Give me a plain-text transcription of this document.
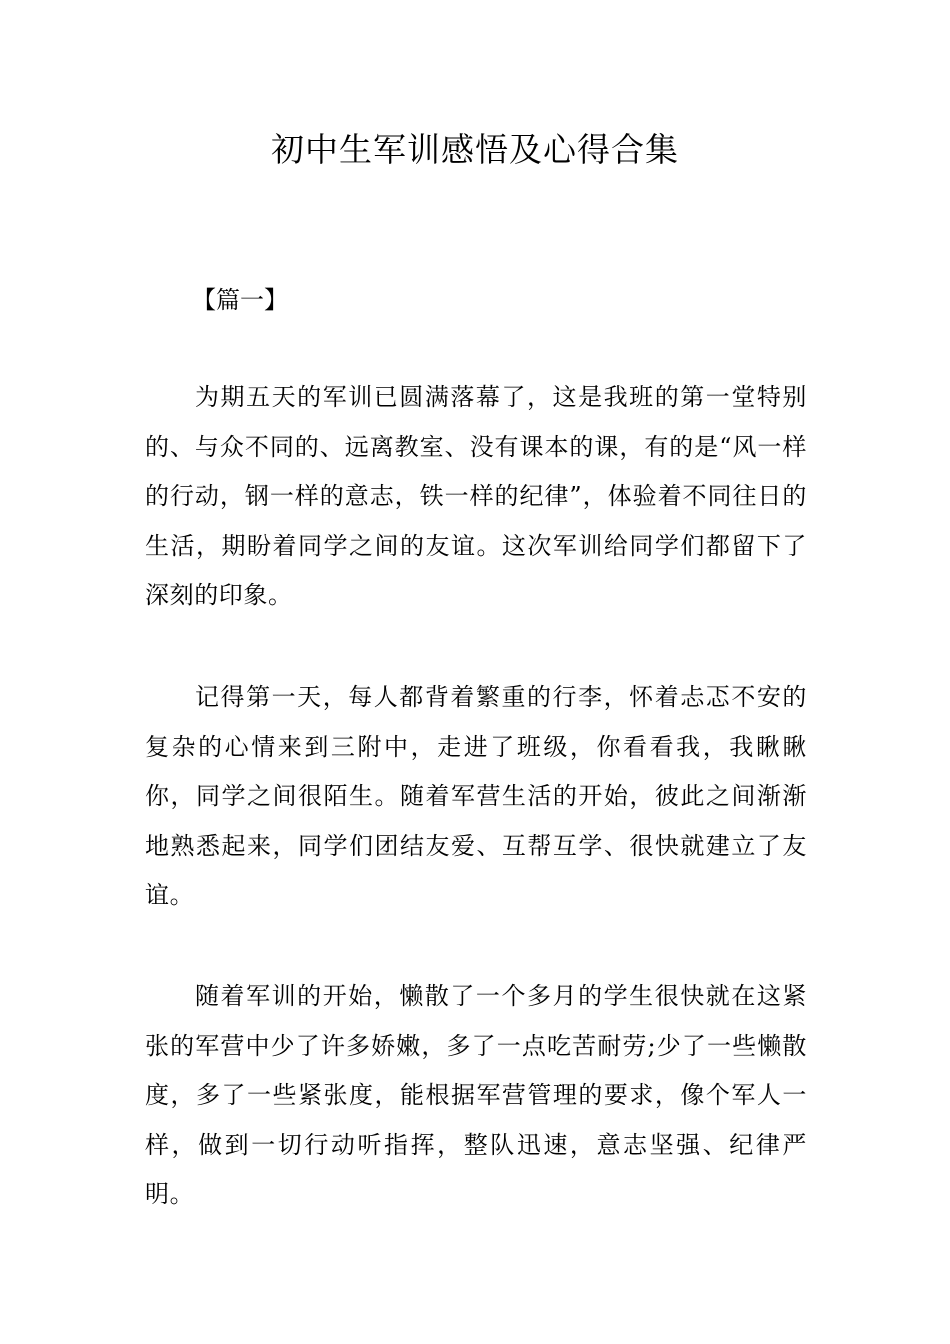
初中生军训感悟及心得合集
【篇一】

为期五天的军训已圆满落幕了，这是我班的第一堂特别的、与众不同的、远离教室、没有课本的课，有的是“风一样的行动，钢一样的意志，铁一样的纪律”，体验着不同往日的生活，期盼着同学之间的友谊。这次军训给同学们都留下了深刻的印象。

记得第一天，每人都背着繁重的行李，怀着忐忑不安的复杂的心情来到三附中，走进了班级，你看看我，我瞅瞅你，同学之间很陌生。随着军营生活的开始，彼此之间渐渐地熟悉起来，同学们团结友爱、互帮互学、很快就建立了友谊。

随着军训的开始，懒散了一个多月的学生很快就在这紧张的军营中少了许多娇嫩，多了一点吃苦耐劳;少了一些懒散度，多了一些紧张度，能根据军营管理的要求，像个军人一样，做到一切行动听指挥，整队迅速，意志坚强、纪律严明。
